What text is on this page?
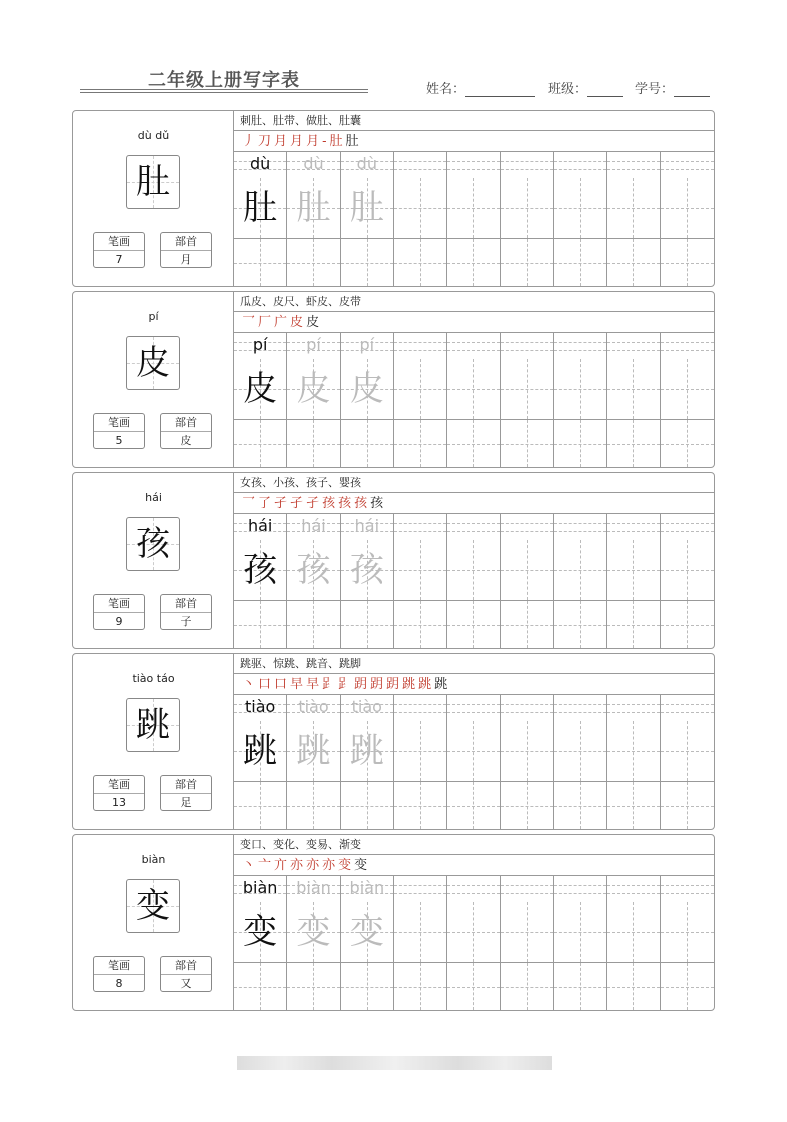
二年级上册写字表	姓名：	班级：	学号：
dù dǔ
肚
笔画
7
部首
月
刺肚、肚带、做肚、肚囊
丿刀月月月-肚肚
dù
肚
dù
肚
dù
肚
pí
皮
笔画
5
部首
皮
瓜皮、皮尺、虾皮、皮带
乛厂广皮皮
pí
皮
pí
皮
pí
皮
hái
孩
笔画
9
部首
子
女孩、小孩、孩子、婴孩
乛了孑孑孑孩孩孩孩
hái
孩
hái
孩
hái
孩
tiào táo
跳
笔画
13
部首
足
跳驱、惊跳、跳音、跳脚
丶口口早早𧾷𧾷跀跀跀跳跳跳
tiào
跳
tiào
跳
tiào
跳
biàn
变
笔画
8
部首
又
变口、变化、变易、渐变
丶亠亣亦亦亦变变
biàn
变
biàn
变
biàn
变
